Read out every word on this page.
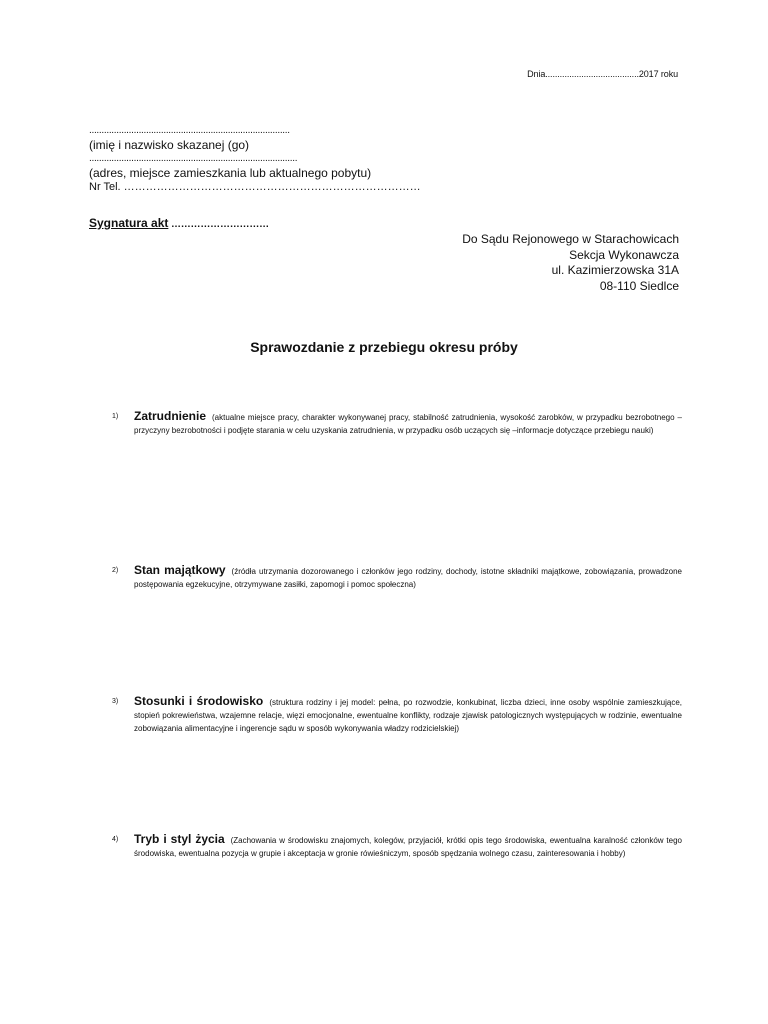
Dnia.......................................2017 roku
.................................................................................
(imię i nazwisko skazanej (go)
....................................................................................
(adres, miejsce zamieszkania lub aktualnego pobytu)
Nr Tel. ………………………………………………………………………
Sygnatura akt …………………………
Do Sądu Rejonowego w Starachowicach
Sekcja Wykonawcza
ul. Kazimierzowska 31A
08-110 Siedlce
Sprawozdanie z przebiegu okresu próby
1) Zatrudnienie (aktualne miejsce pracy, charakter wykonywanej pracy, stabilność zatrudnienia, wysokość zarobków, w przypadku bezrobotnego – przyczyny bezrobotności i podjęte starania w celu uzyskania zatrudnienia, w przypadku osób uczących się –informacje dotyczące przebiegu nauki)
2) Stan majątkowy (źródła utrzymania dozorowanego i członków jego rodziny, dochody, istotne składniki majątkowe, zobowiązania, prowadzone postępowania egzekucyjne, otrzymywane zasiłki, zapomogi i pomoc społeczna)
3) Stosunki i środowisko (struktura rodziny i jej model: pełna, po rozwodzie, konkubinat, liczba dzieci, inne osoby wspólnie zamieszkujące, stopień pokrewieństwa, wzajemne relacje, więzi emocjonalne, ewentualne konflikty, rodzaje zjawisk patologicznych występujących w rodzinie, ewentualne zobowiązania alimentacyjne i ingerencje sądu w sposób wykonywania władzy rodzicielskiej)
4) Tryb i styl życia (Zachowania w środowisku znajomych, kolegów, przyjaciół, krótki opis tego środowiska, ewentualna karalność członków tego środowiska, ewentualna pozycja w grupie i akceptacja w gronie rówieśniczym, sposób spędzania wolnego czasu, zainteresowania i hobby)
